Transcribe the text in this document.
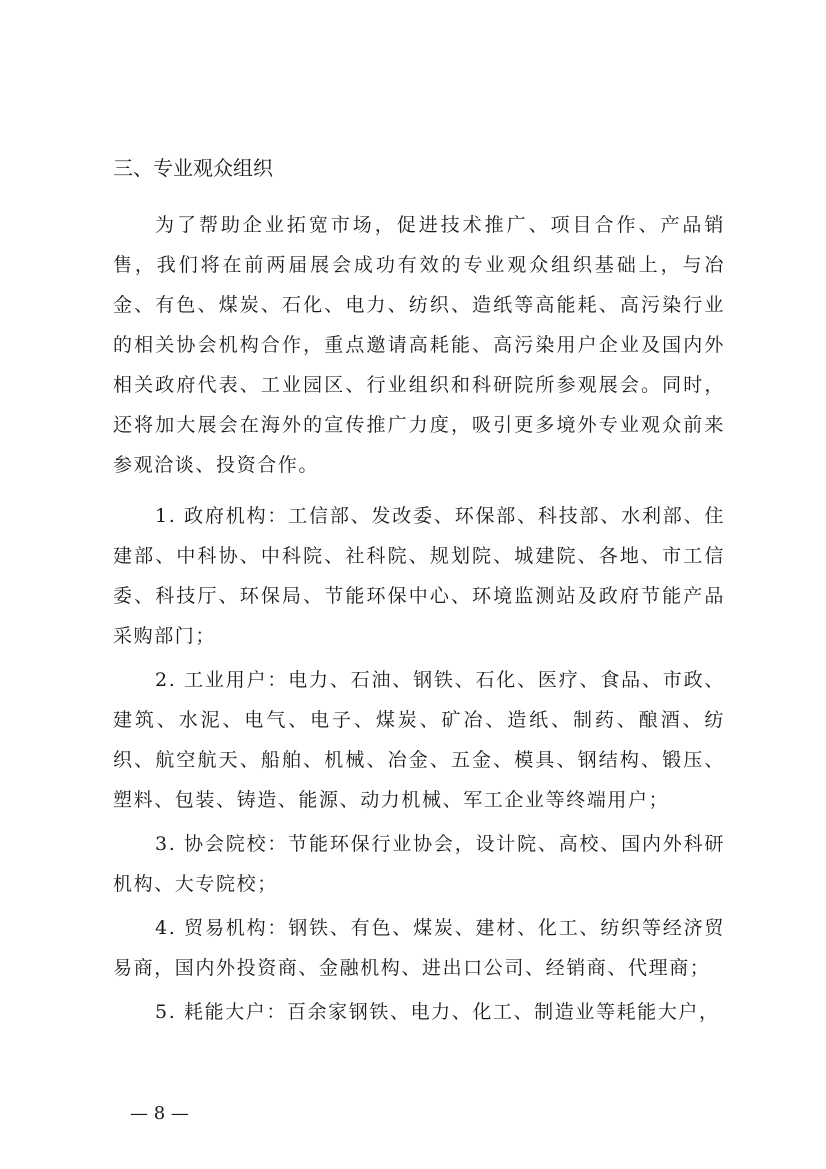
三、专业观众组织

为了帮助企业拓宽市场，促进技术推广、项目合作、产品销售，我们将在前两届展会成功有效的专业观众组织基础上，与冶金、有色、煤炭、石化、电力、纺织、造纸等高能耗、高污染行业的相关协会机构合作，重点邀请高耗能、高污染用户企业及国内外相关政府代表、工业园区、行业组织和科研院所参观展会。同时，还将加大展会在海外的宣传推广力度，吸引更多境外专业观众前来参观洽谈、投资合作。

1. 政府机构：工信部、发改委、环保部、科技部、水利部、住建部、中科协、中科院、社科院、规划院、城建院、各地、市工信委、科技厅、环保局、节能环保中心、环境监测站及政府节能产品采购部门；

2. 工业用户：电力、石油、钢铁、石化、医疗、食品、市政、建筑、水泥、电气、电子、煤炭、矿冶、造纸、制药、酿酒、纺织、航空航天、船舶、机械、冶金、五金、模具、钢结构、锻压、塑料、包装、铸造、能源、动力机械、军工企业等终端用户；

3. 协会院校：节能环保行业协会，设计院、高校、国内外科研机构、大专院校；

4. 贸易机构：钢铁、有色、煤炭、建材、化工、纺织等经济贸易商，国内外投资商、金融机构、进出口公司、经销商、代理商；

5. 耗能大户：百余家钢铁、电力、化工、制造业等耗能大户，

— 8 —
